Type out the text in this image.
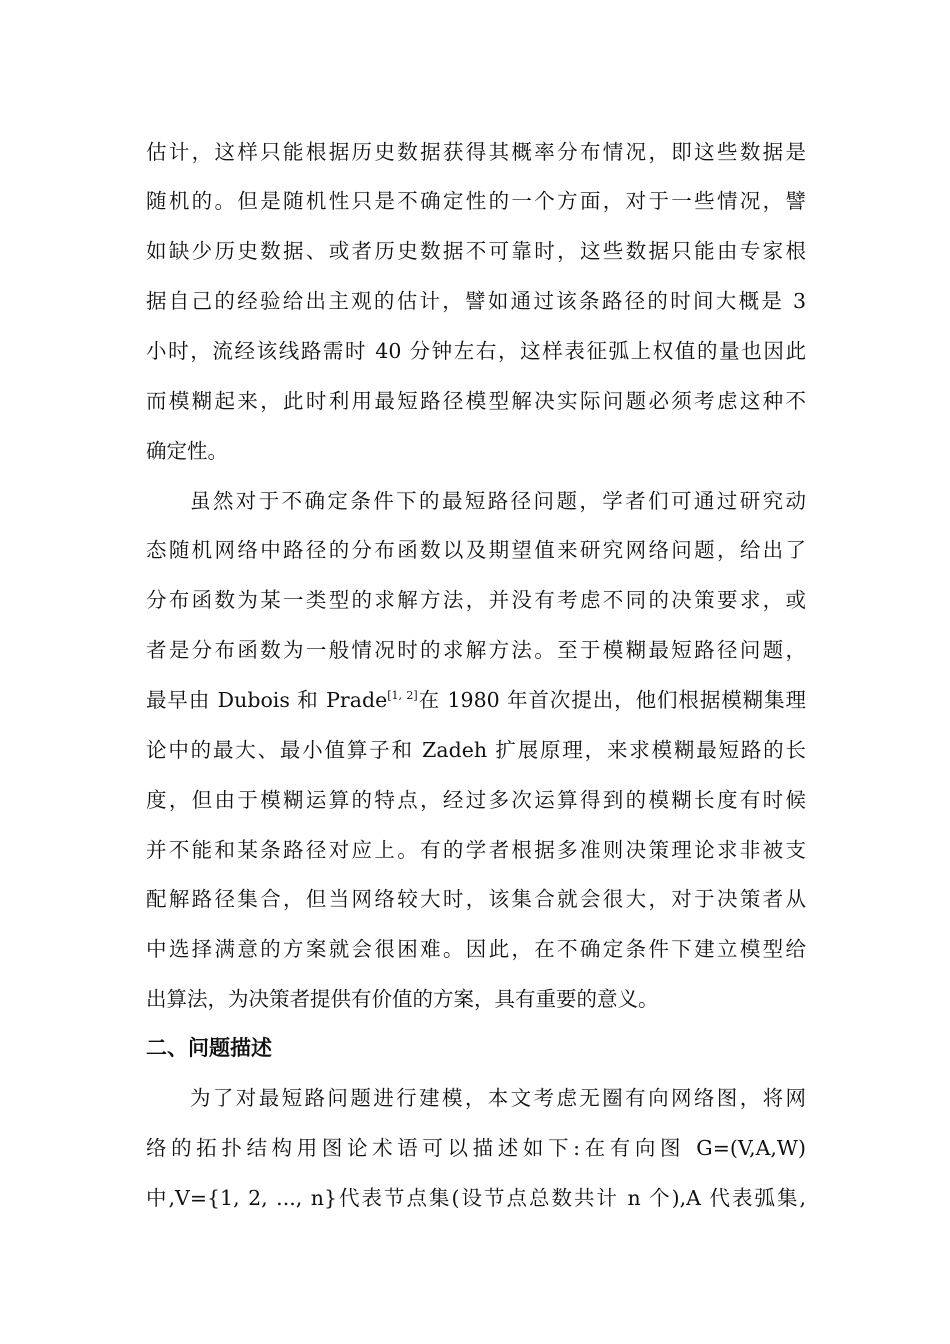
估计，这样只能根据历史数据获得其概率分布情况，即这些数据是
随机的。但是随机性只是不确定性的一个方面，对于一些情况，譬
如缺少历史数据、或者历史数据不可靠时，这些数据只能由专家根
据自己的经验给出主观的估计，譬如通过该条路径的时间大概是 3
小时，流经该线路需时 40 分钟左右，这样表征弧上权值的量也因此
而模糊起来，此时利用最短路径模型解决实际问题必须考虑这种不
确定性。
虽然对于不确定条件下的最短路径问题，学者们可通过研究动
态随机网络中路径的分布函数以及期望值来研究网络问题，给出了
分布函数为某一类型的求解方法，并没有考虑不同的决策要求，或
者是分布函数为一般情况时的求解方法。至于模糊最短路径问题，
最早由 Dubois 和 Prade[1, 2]在 1980 年首次提出，他们根据模糊集理
论中的最大、最小值算子和 Zadeh 扩展原理，来求模糊最短路的长
度，但由于模糊运算的特点，经过多次运算得到的模糊长度有时候
并不能和某条路径对应上。有的学者根据多准则决策理论求非被支
配解路径集合，但当网络较大时，该集合就会很大，对于决策者从
中选择满意的方案就会很困难。因此，在不确定条件下建立模型给
出算法，为决策者提供有价值的方案，具有重要的意义。
二、问题描述
为了对最短路问题进行建模，本文考虑无圈有向网络图，将网
络的拓扑结构用图论术语可以描述如下:在有向图 G=(V,A,W)
中,V={1, 2, ..., n}代表节点集(设节点总数共计 n 个),A 代表弧集,
